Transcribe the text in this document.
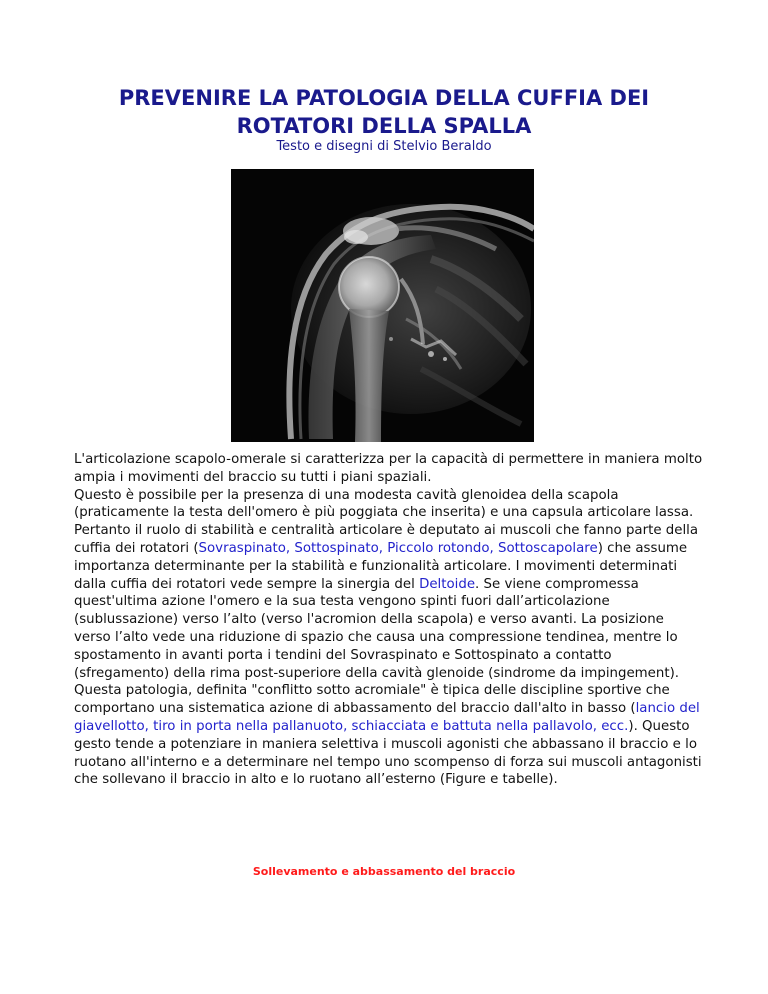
PREVENIRE LA PATOLOGIA DELLA CUFFIA DEI
ROTATORI DELLA SPALLA
Testo e disegni di Stelvio Beraldo

L'articolazione scapolo-omerale si caratterizza per la capacità di permettere in maniera molto ampia i movimenti del braccio su tutti i piani spaziali.
Questo è possibile per la presenza di una modesta cavità glenoidea della scapola (praticamente la testa dell'omero è più poggiata che inserita) e una capsula articolare lassa. Pertanto il ruolo di stabilità e centralità articolare è deputato ai muscoli che fanno parte della cuffia dei rotatori (Sovraspinato, Sottospinato, Piccolo rotondo, Sottoscapolare) che assume importanza determinante per la stabilità e funzionalità articolare. I movimenti determinati dalla cuffia dei rotatori vede sempre la sinergia del Deltoide. Se viene compromessa quest'ultima azione l'omero e la sua testa vengono spinti fuori dall’articolazione (sublussazione) verso l’alto (verso l'acromion della scapola) e verso avanti. La posizione verso l’alto vede una riduzione di spazio che causa una compressione tendinea, mentre lo spostamento in avanti porta i tendini del Sovraspinato e Sottospinato a contatto (sfregamento) della rima post-superiore della cavità glenoide (sindrome da impingement).
Questa patologia, definita "conflitto sotto acromiale" è tipica delle discipline sportive che comportano una sistematica azione di abbassamento del braccio dall'alto in basso (lancio del giavellotto, tiro in porta nella pallanuoto, schiacciata e battuta nella pallavolo, ecc.). Questo gesto tende a potenziare in maniera selettiva i muscoli agonisti che abbassano il braccio e lo ruotano all'interno e a determinare nel tempo uno scompenso di forza sui muscoli antagonisti che sollevano il braccio in alto e lo ruotano all’esterno (Figure e tabelle).

Sollevamento e abbassamento del braccio
